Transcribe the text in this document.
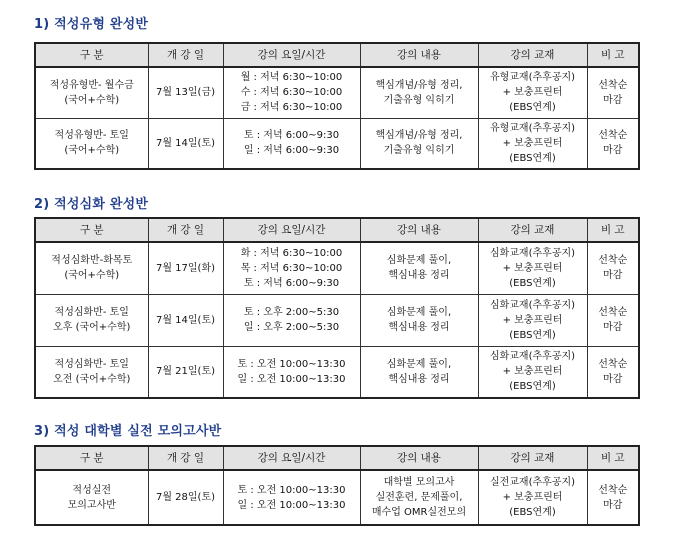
1) 적성유형 완성반
구 분	개 강 일	강의 요일/시간	강의 내용	강의 교재	비 고

적성유형반- 월수금
(국어+수학)	7월 13일(금)	월 : 저녁 6:30~10:00
수 : 저녁 6:30~10:00
금 : 저녁 6:30~10:00	핵심개념/유형 정리,
기출유형 익히기	유형교재(추후공지)
+ 보충프린터
(EBS연계)	선착순
마감

적성유형반- 토일
(국어+수학)	7월 14일(토)	토 : 저녁 6:00~9:30
일 : 저녁 6:00~9:30	핵심개념/유형 정리,
기출유형 익히기	유형교재(추후공지)
+ 보충프린터
(EBS연계)	선착순
마감
2) 적성심화 완성반
구 분	개 강 일	강의 요일/시간	강의 내용	강의 교재	비 고

적성심화반-화목토
(국어+수학)	7월 17일(화)	화 : 저녁 6:30~10:00
목 : 저녁 6:30~10:00
토 : 저녁 6:00~9:30	심화문제 풀이,
핵심내용 정리	심화교재(추후공지)
+ 보충프린터
(EBS연계)	선착순
마감

적성심화반- 토일
오후 (국어+수학)	7월 14일(토)	토 : 오후 2:00~5:30
일 : 오후 2:00~5:30	심화문제 풀이,
핵심내용 정리	심화교재(추후공지)
+ 보충프린터
(EBS연계)	선착순
마감

적성심화반- 토일
오전 (국어+수학)	7월 21일(토)	토 : 오전 10:00~13:30
일 : 오전 10:00~13:30	심화문제 풀이,
핵심내용 정리	심화교재(추후공지)
+ 보충프린터
(EBS연계)	선착순
마감
3) 적성 대학별 실전 모의고사반
구 분	개 강 일	강의 요일/시간	강의 내용	강의 교재	비 고

적성실전
모의고사반	7월 28일(토)	토 : 오전 10:00~13:30
일 : 오전 10:00~13:30	대학별 모의고사
실전훈련, 문제풀이,
매수업 OMR실전모의	실전교재(추후공지)
+ 보충프린터
(EBS연계)	선착순
마감
